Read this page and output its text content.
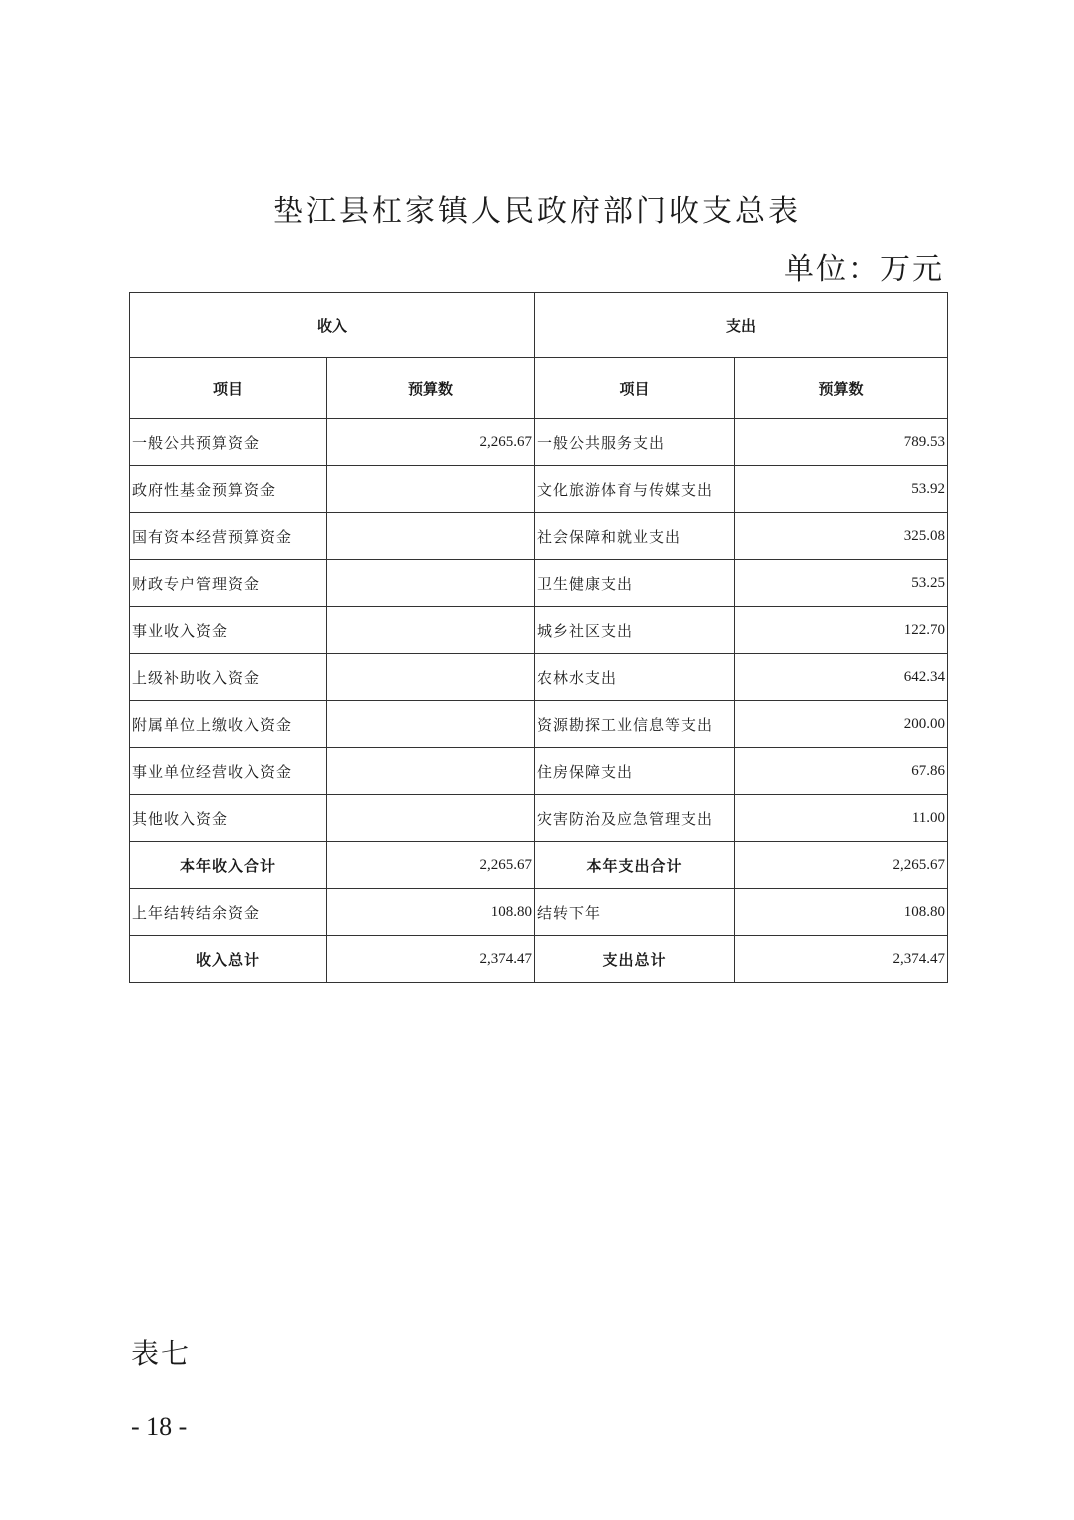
垫江县杠家镇人民政府部门收支总表
单位：万元
收入		支出	
项目	预算数	项目	预算数
一般公共预算资金	2,265.67	一般公共服务支出	789.53
政府性基金预算资金		文化旅游体育与传媒支出	53.92
国有资本经营预算资金		社会保障和就业支出	325.08
财政专户管理资金		卫生健康支出	53.25
事业收入资金		城乡社区支出	122.70
上级补助收入资金		农林水支出	642.34
附属单位上缴收入资金		资源勘探工业信息等支出	200.00
事业单位经营收入资金		住房保障支出	67.86
其他收入资金		灾害防治及应急管理支出	11.00
本年收入合计	2,265.67	本年支出合计	2,265.67
上年结转结余资金	108.80	结转下年	108.80
收入总计	2,374.47	支出总计	2,374.47
表七
- 18 -
